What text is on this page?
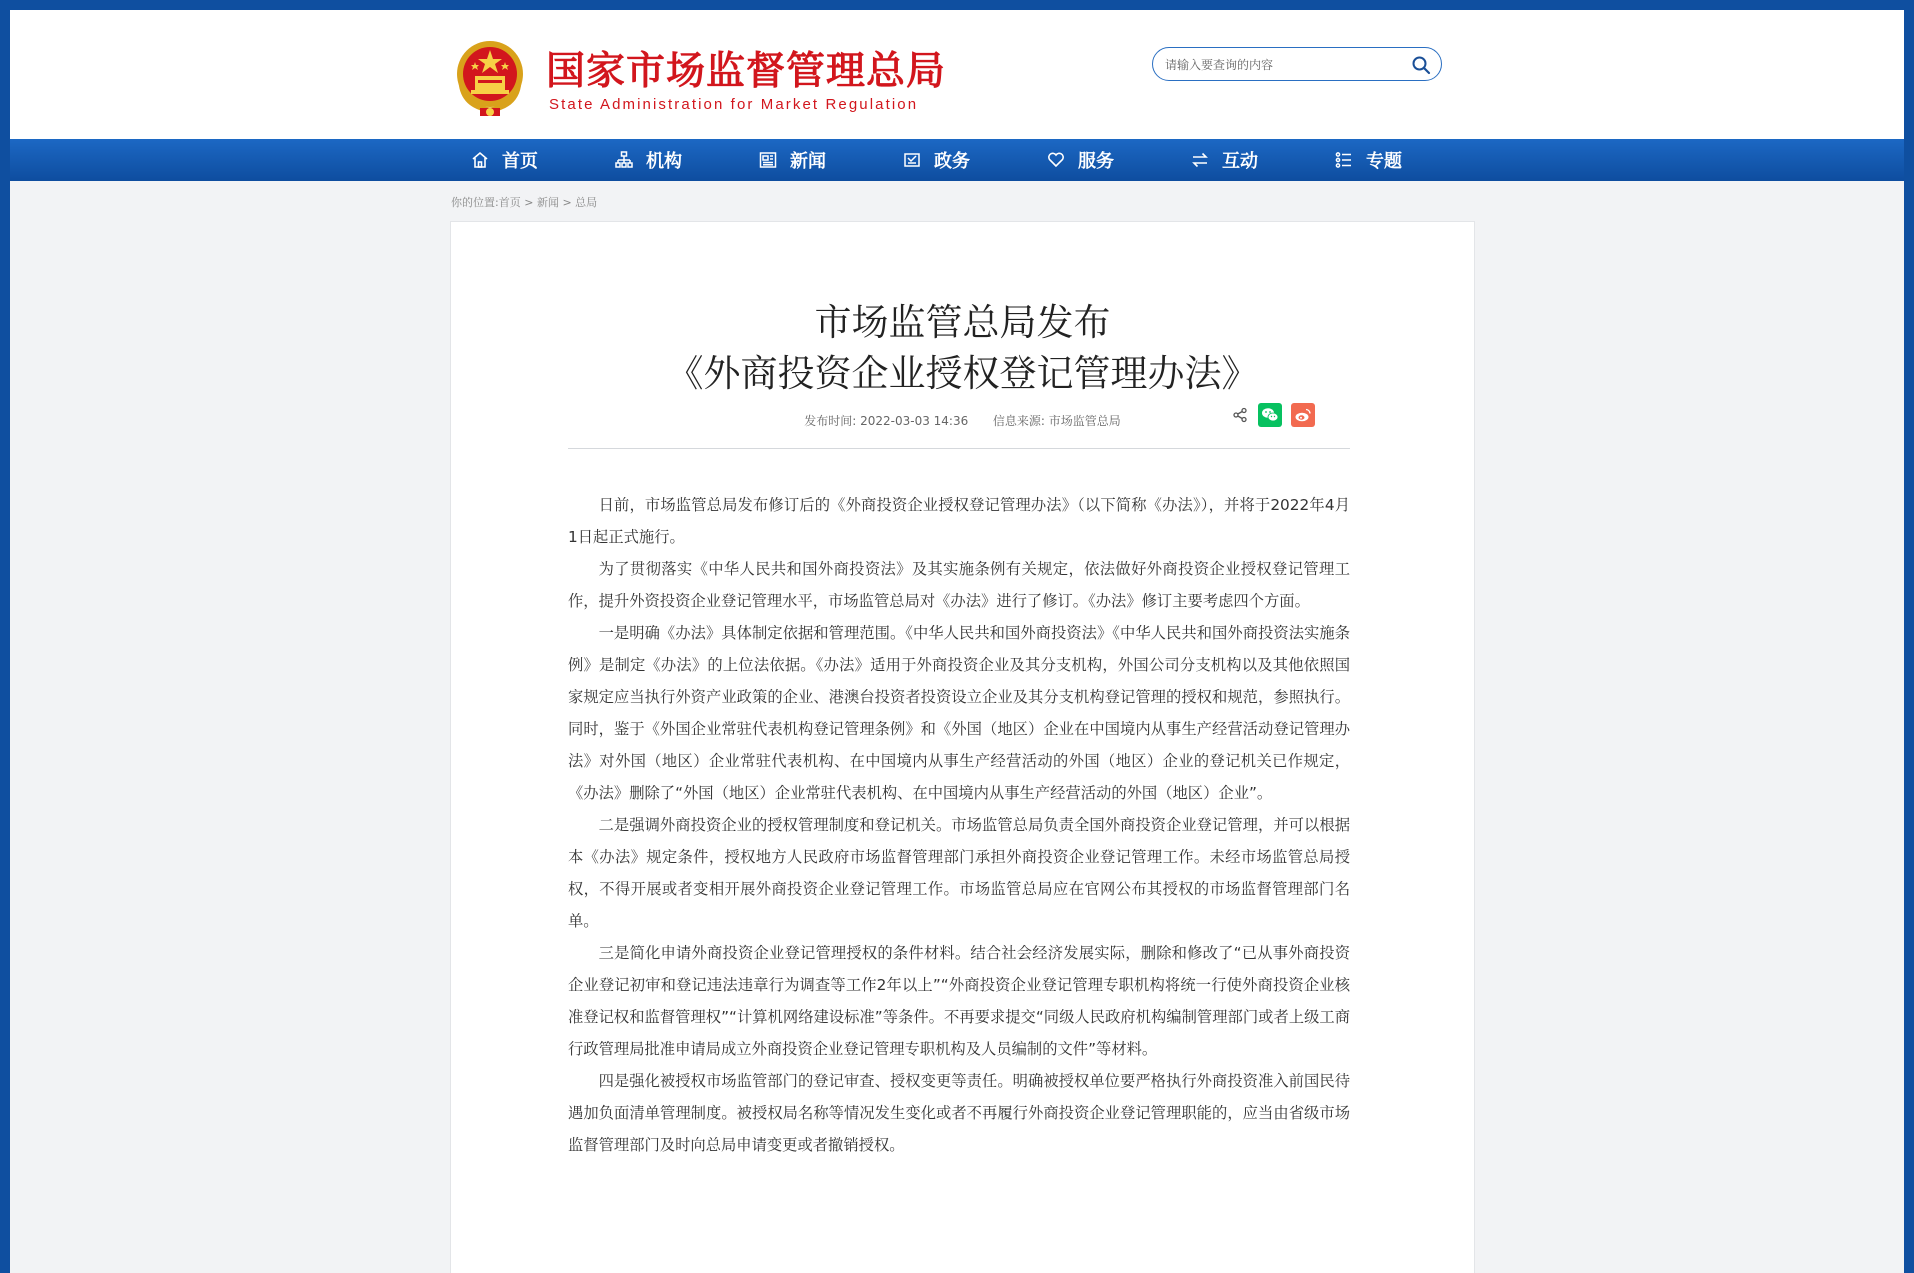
国家市场监督管理总局
State Administration for Market Regulation
请输入要查询的内容
首页	机构	新闻	政务	服务	互动	专题
你的位置:首页 > 新闻 > 总局
市场监管总局发布
《外商投资企业授权登记管理办法》
发布时间: 2022-03-03 14:36 信息来源: 市场监管总局

日前，市场监管总局发布修订后的《外商投资企业授权登记管理办法》（以下简称《办法》），并将于2022年4月1日起正式施行。

为了贯彻落实《中华人民共和国外商投资法》及其实施条例有关规定，依法做好外商投资企业授权登记管理工作，提升外资投资企业登记管理水平，市场监管总局对《办法》进行了修订。《办法》修订主要考虑四个方面。

一是明确《办法》具体制定依据和管理范围。《中华人民共和国外商投资法》《中华人民共和国外商投资法实施条例》是制定《办法》的上位法依据。《办法》适用于外商投资企业及其分支机构，外国公司分支机构以及其他依照国家规定应当执行外资产业政策的企业、港澳台投资者投资设立企业及其分支机构登记管理的授权和规范，参照执行。同时，鉴于《外国企业常驻代表机构登记管理条例》和《外国（地区）企业在中国境内从事生产经营活动登记管理办法》对外国（地区）企业常驻代表机构、在中国境内从事生产经营活动的外国（地区）企业的登记机关已作规定，《办法》删除了“外国（地区）企业常驻代表机构、在中国境内从事生产经营活动的外国（地区）企业”。

二是强调外商投资企业的授权管理制度和登记机关。市场监管总局负责全国外商投资企业登记管理，并可以根据本《办法》规定条件，授权地方人民政府市场监督管理部门承担外商投资企业登记管理工作。未经市场监管总局授权，不得开展或者变相开展外商投资企业登记管理工作。市场监管总局应在官网公布其授权的市场监督管理部门名单。

三是简化申请外商投资企业登记管理授权的条件材料。结合社会经济发展实际，删除和修改了“已从事外商投资企业登记初审和登记违法违章行为调查等工作2年以上”“外商投资企业登记管理专职机构将统一行使外商投资企业核准登记权和监督管理权”“计算机网络建设标准”等条件。不再要求提交“同级人民政府机构编制管理部门或者上级工商行政管理局批准申请局成立外商投资企业登记管理专职机构及人员编制的文件”等材料。

四是强化被授权市场监管部门的登记审查、授权变更等责任。明确被授权单位要严格执行外商投资准入前国民待遇加负面清单管理制度。被授权局名称等情况发生变化或者不再履行外商投资企业登记管理职能的，应当由省级市场监督管理部门及时向总局申请变更或者撤销授权。
